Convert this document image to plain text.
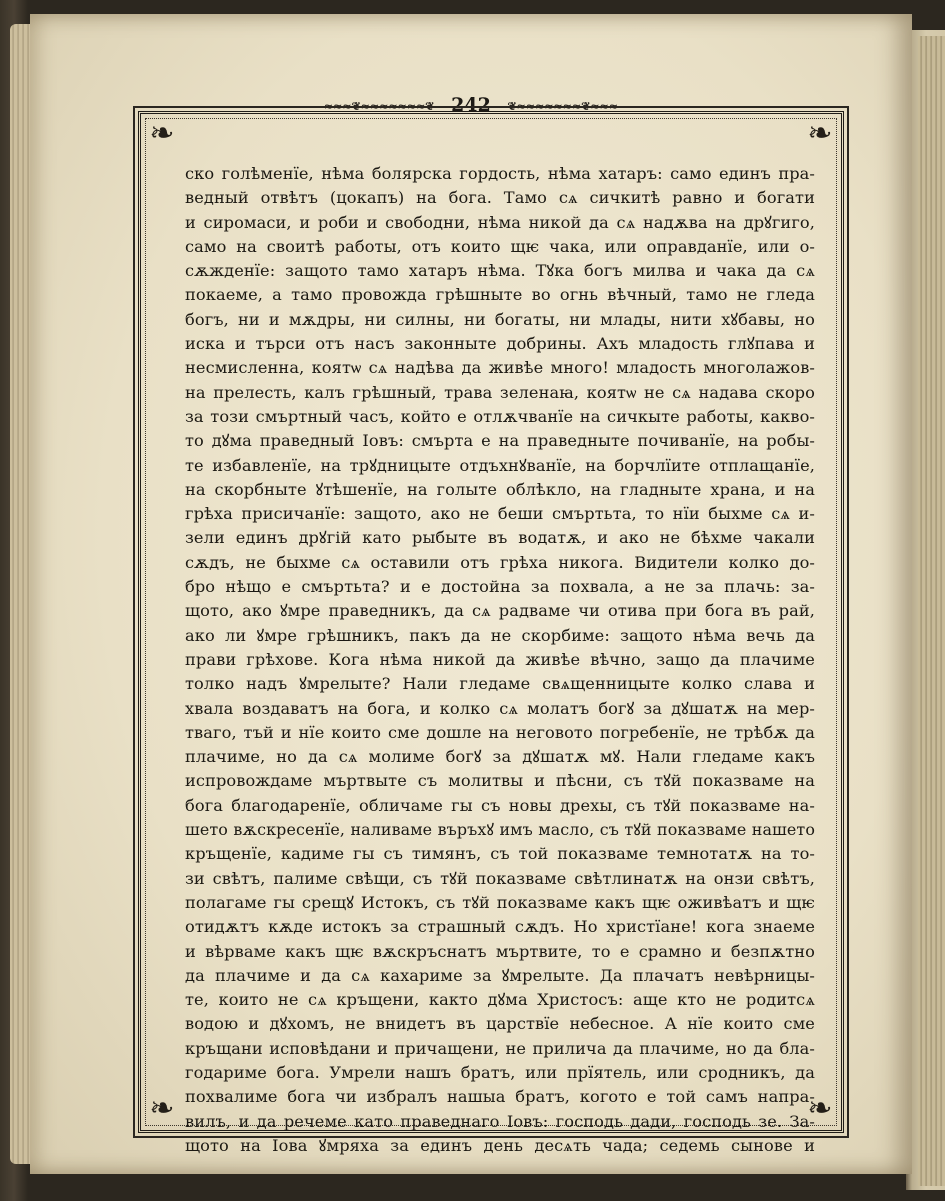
≈≈≈❦≈≈≈≈≈≈≈❦ 242 ❦≈≈≈≈≈≈≈❦≈≈≈
❧	❧
❧	❧
ско голѣменїе, нѣма болярска гордость, нѣма хатаръ: само единъ пра-
ведный отвѣтъ (цокапъ) на бога. Тамо сѧ сичкитѣ равно и богати
и сиромаси, и роби и свободни, нѣма никой да сѧ надѫва на дрꙋгиго,
само на своитѣ работы, отъ които щѥ чака, или оправданїе, или о-
сѫжденїе: защото тамо хатаръ нѣма. Тꙋка богъ милва и чака да сѧ
покаеме, а тамо провожда грѣшныте во огнь вѣчный, тамо не гледа
богъ, ни и мѫдры, ни силны, ни богаты, ни млады, нити хꙋбавы, но
иска и търси отъ насъ законныте добрины. Ахъ младость глꙋпава и
несмисленна, коятѡ сѧ надѣва да живѣе много! младость многолажов-
на прелесть, калъ грѣшный, трава зеленаꙗ, коятѡ не сѧ надава скоро
за този смъртный часъ, който е отлѫчванїе на сичкыте работы, какво-
то дꙋма праведный Іовъ: смърта е на праведныте почиванїе, на робы-
те избавленїе, на трꙋдницыте отдъхнꙋванїе, на борчлїите отплащанїе,
на скорбныте ꙋтѣшенїе, на голыте облѣкло, на гладныте храна, и на
грѣха присичанїе: защото, ако не беши смъртьта, то нїи быхме сѧ и-
зели единъ дрꙋгій като рыбыте въ водатѫ, и ако не бѣхме чакали
сѫдъ, не быхме сѧ оставили отъ грѣха никога. Видители колко до-
бро нѣщо е смъртьта? и е достойна за похвала, а не за плачь: за-
щото, ако ꙋмре праведникъ, да сѧ радваме чи отива при бога въ рай,
ако ли ꙋмре грѣшникъ, пакъ да не скорбиме: защото нѣма вечь да
прави грѣхове. Кога нѣма никой да живѣе вѣчно, защо да плачиме
толко надъ ꙋмрелыте? Нали гледаме свѧщенницыте колко слава и
хвала воздаватъ на бога, и колко сѧ молатъ богꙋ за дꙋшатѫ на мер-
тваго, тъй и нїе които сме дошле на неговото погребенїе, не трѣбѫ да
плачиме, но да сѧ молиме богꙋ за дꙋшатѫ мꙋ. Нали гледаме какъ
испровождаме мъртвыте съ молитвы и пѣсни, съ тꙋй показваме на
бога благодаренїе, обличаме гы съ новы дрехы, съ тꙋй показваме на-
шето вѫскресенїе, наливаме въръхꙋ имъ масло, съ тꙋй показваме нашето
кръщенїе, кадиме гы съ тимянъ, съ той показваме темнотатѫ на то-
зи свѣтъ, палиме свѣщи, съ тꙋй показваме свѣтлинатѫ на онзи свѣтъ,
полагаме гы срещꙋ Истокъ, съ тꙋй показваме какъ щѥ оживѣатъ и щѥ
отидѫтъ кѫде истокъ за страшный сѫдъ. Но христїане! кога знаеме
и вѣрваме какъ щѥ вѫскръснатъ мъртвите, то е срамно и безпѫтно
да плачиме и да сѧ кахариме за ꙋмрелыте. Да плачатъ невѣрницы-
те, които не сѧ кръщени, както дꙋма Христосъ: аще кто не родитсѧ
водою и дꙋхомъ, не внидетъ въ царствїе небесное. А нїе които сме
кръщани исповѣдани и причащени, не прилича да плачиме, но да бла-
годариме бога. Умрели нашъ братъ, или прїятель, или сродникъ, да
похвалиме бога чи избралъ нашыа братъ, когото е той самъ напра-
вилъ, и да речеме като праведнаго Іовъ: господь дади, господь зе. За-
щото на Іова ꙋмряха за единъ день десѧть чада; седемь сынове и
